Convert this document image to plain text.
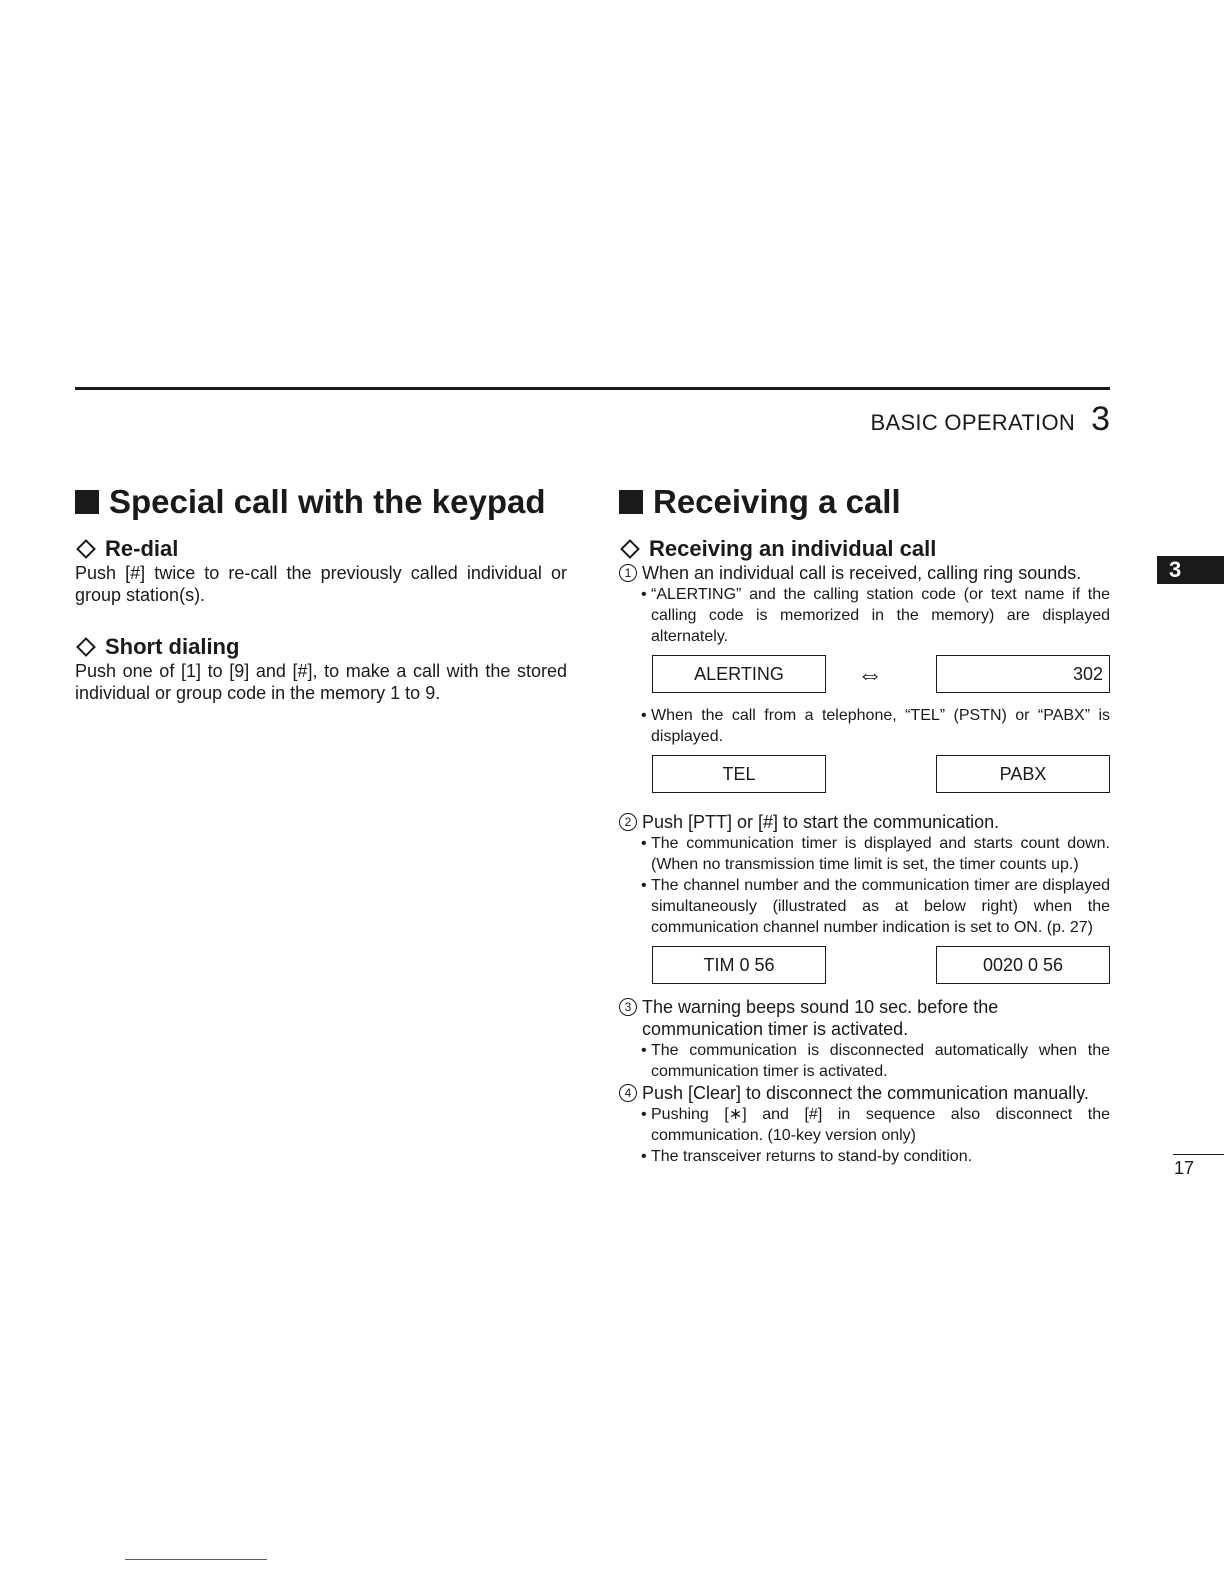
BASIC OPERATION 3
3
17
Special call with the keypad
Re-dial

Push [#] twice to re-call the previously called individual or group station(s).

Short dialing

Push one of [1] to [9] and [#], to make a call with the stored individual or group code in the memory 1 to 9.

Receiving a call
Receiving an individual call

1 When an individual call is received, calling ring sounds.

• “ALERTING” and the calling station code (or text name if the calling code is memorized in the memory) are displayed alternately.

ALERTING	⇔	302

• When the call from a telephone, “TEL” (PSTN) or “PABX” is displayed.

TEL	PABX

2 Push [PTT] or [#] to start the communication.

• The communication timer is displayed and starts count down. (When no transmission time limit is set, the timer counts up.)

• The channel number and the communication timer are displayed simultaneously (illustrated as at below right) when the communication channel number indication is set to ON. (p. 27)

TIM 0 56	0020 0 56

3 The warning beeps sound 10 sec. before the communication timer is activated.

• The communication is disconnected automatically when the communication timer is activated.

4 Push [Clear] to disconnect the communication manually.

• Pushing [∗] and [#] in sequence also disconnect the communication. (10-key version only)

• The transceiver returns to stand-by condition.
